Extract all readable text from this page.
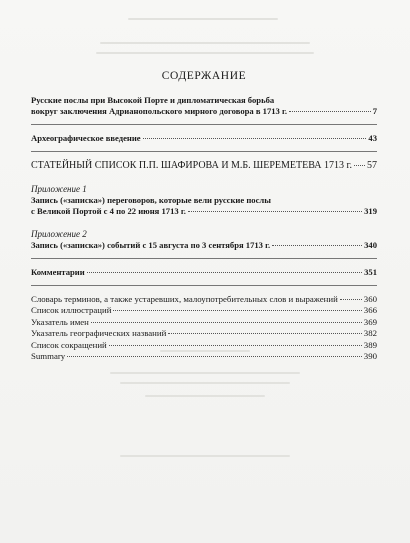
СОДЕРЖАНИЕ
Русские послы при Высокой Порте и дипломатическая борьба
вокруг заключения Адрианопольского мирного договора в 1713 г.	7
Археографическое введение	43
СТАТЕЙНЫЙ СПИСОК П.П. ШАФИРОВА И М.Б. ШЕРЕМЕТЕВА 1713 г. 57
Приложение 1
Запись («записка») переговоров, которые вели русские послы
с Великой Портой с 4 по 22 июня 1713 г.	319
Приложение 2
Запись («записка») событий с 15 августа по 3 сентября 1713 г.	340
Комментарии	351
Словарь терминов, а также устаревших, малоупотребительных слов и выражений	360
Список иллюстраций	366
Указатель имен	369
Указатель географических названий	382
Список сокращений	389
Summary	390
